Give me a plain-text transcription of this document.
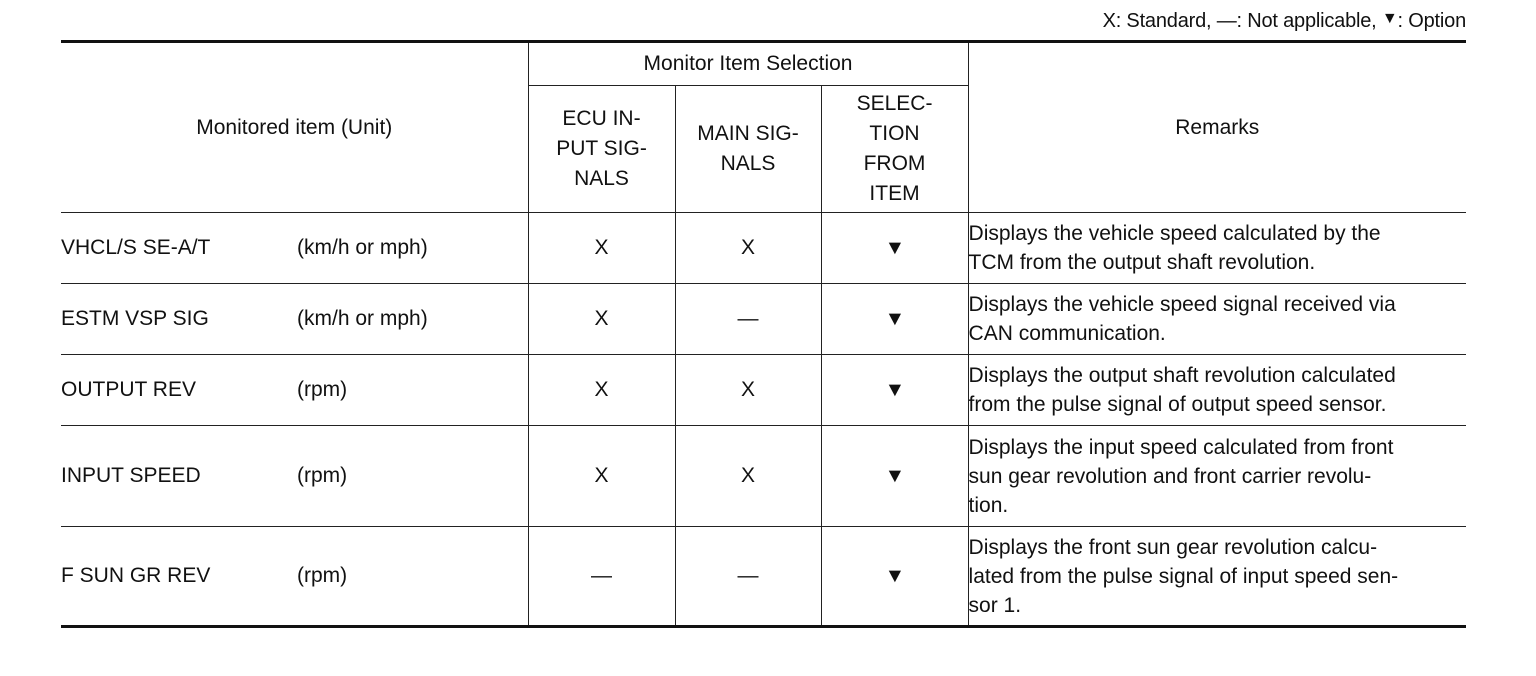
X: Standard, —: Not applicable, ▼: Option
Monitored item (Unit)	Monitor Item Selection			Remarks

	ECU IN-
PUT SIG-
NALS	MAIN SIG-
NALS	SELEC-
TION
FROM
ITEM	

VHCL/S SE-A/T (km/h or mph)	X	X	▼	Displays the vehicle speed calculated by the
TCM from the output shaft revolution.

ESTM VSP SIG (km/h or mph)	X	—	▼	Displays the vehicle speed signal received via
CAN communication.

OUTPUT REV (rpm)	X	X	▼	Displays the output shaft revolution calculated
from the pulse signal of output speed sensor.

INPUT SPEED (rpm)	X	X	▼	Displays the input speed calculated from front
sun gear revolution and front carrier revolu-
tion.

F SUN GR REV (rpm)	—	—	▼	Displays the front sun gear revolution calcu-
lated from the pulse signal of input speed sen-
sor 1.
